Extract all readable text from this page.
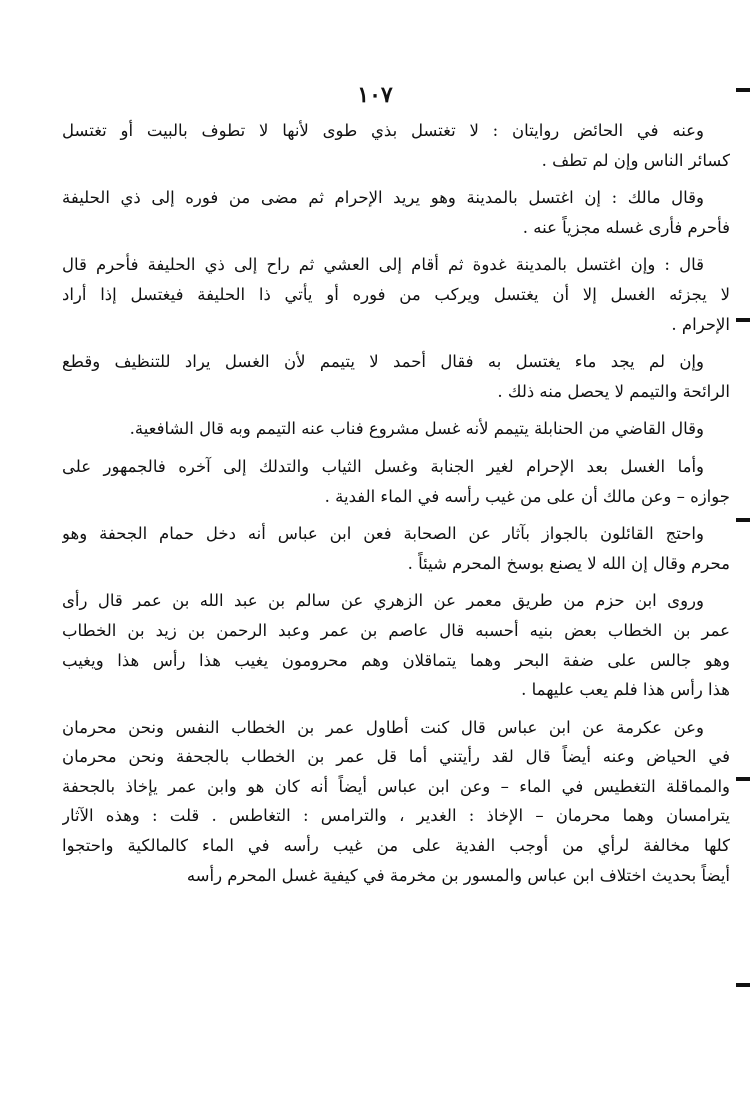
١٠٧
وعنه في الحائض روايتان : لا تغتسل بذي طوى لأنها لا تطوف بالبيت أو تغتسل
كسائر الناس وإن لم تطف .
وقال مالك : إن اغتسل بالمدينة وهو يريد الإحرام ثم مضى من فوره إلى ذي الحليفة
فأحرم فأرى غسله مجزياً عنه .
قال : وإن اغتسل بالمدينة غدوة ثم أقام إلى العشي ثم راح إلى ذي الحليفة فأحرم قال
لا يجزئه الغسل إلا أن يغتسل ويركب من فوره أو يأتي ذا الحليفة فيغتسل إذا أراد
الإحرام .
وإن لم يجد ماء يغتسل به فقال أحمد لا يتيمم لأن الغسل يراد للتنظيف وقطع
الرائحة والتيمم لا يحصل منه ذلك .
وقال القاضي من الحنابلة يتيمم لأنه غسل مشروع فناب عنه التيمم وبه قال الشافعية.
وأما الغسل بعد الإحرام لغير الجنابة وغسل الثياب والتدلك إلى آخره فالجمهور على
جوازه – وعن مالك أن على من غيب رأسه في الماء الفدية .
واحتج القائلون بالجواز بآثار عن الصحابة فعن ابن عباس أنه دخل حمام الجحفة وهو
محرم وقال إن الله لا يصنع بوسخ المحرم شيئاً .
وروى ابن حزم من طريق معمر عن الزهري عن سالم بن عبد الله بن عمر قال رأى
عمر بن الخطاب بعض بنيه أحسبه قال عاصم بن عمر وعبد الرحمن بن زيد بن الخطاب
وهو جالس على ضفة البحر وهما يتماقلان وهم محرومون يغيب هذا رأس هذا ويغيب
هذا رأس هذا فلم يعب عليهما .
وعن عكرمة عن ابن عباس قال كنت أطاول عمر بن الخطاب النفس ونحن محرمان
في الحياض وعنه أيضاً قال لقد رأيتني أما قل عمر بن الخطاب بالجحفة ونحن محرمان
والمماقلة التغطيس في الماء – وعن ابن عباس أيضاً أنه كان هو وابن عمر يإخاذ بالجحفة
يترامسان وهما محرمان – الإخاذ : الغدير ، والترامس : التغاطس . قلت : وهذه الآثار
كلها مخالفة لرأي من أوجب الفدية على من غيب رأسه في الماء كالمالكية واحتجوا
أيضاً بحديث اختلاف ابن عباس والمسور بن مخرمة في كيفية غسل المحرم رأسه
